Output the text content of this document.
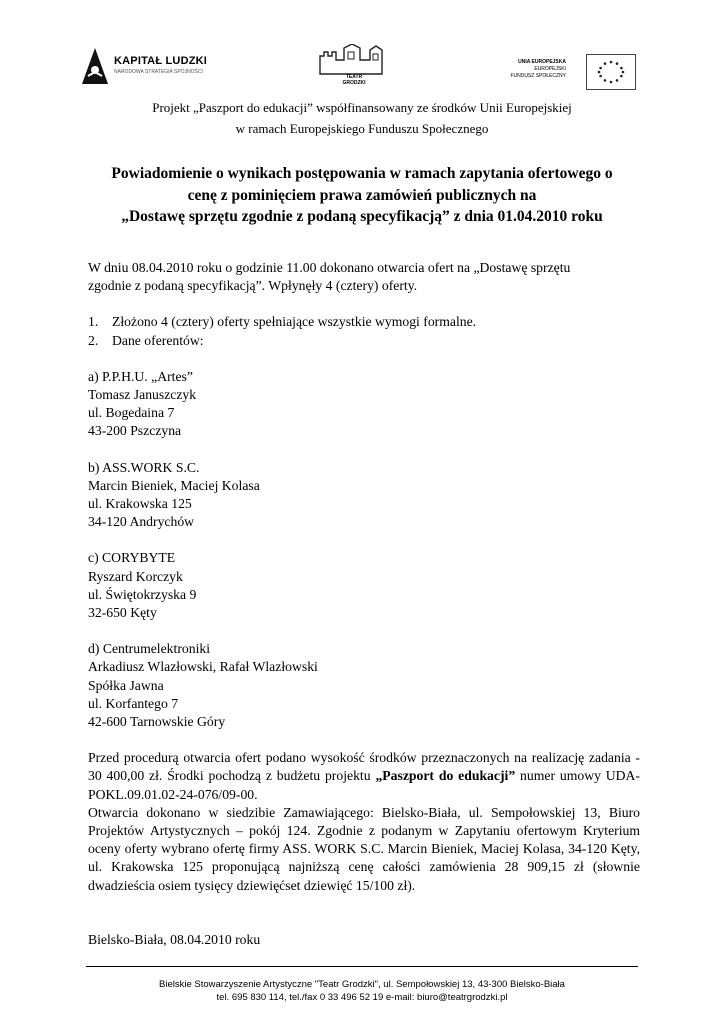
KAPITAŁ LUDZKI
NARODOWA STRATEGIA SPÓJNOŚCI
TEATR
GRODZKI
UNIA EUROPEJSKA
EUROPEJSKI
FUNDUSZ SPOŁECZNY
Projekt „Paszport do edukacji” współfinansowany ze środków Unii Europejskiej
w ramach Europejskiego Funduszu Społecznego
Powiadomienie o wynikach postępowania w ramach zapytania ofertowego o
cenę z pominięciem prawa zamówień publicznych na
„Dostawę sprzętu zgodnie z podaną specyfikacją” z dnia 01.04.2010 roku

W dniu 08.04.2010 roku o godzinie 11.00 dokonano otwarcia ofert na „Dostawę sprzętu

zgodnie z podaną specyfikacją”. Wpłynęły 4 (cztery) oferty.

1.	Złożono 4 (cztery) oferty spełniające wszystkie wymogi formalne.
2.	Dane oferentów:

a) P.P.H.U. „Artes”

Tomasz Januszczyk

ul. Bogedaina 7

43-200 Pszczyna

b) ASS.WORK S.C.

Marcin Bieniek, Maciej Kolasa

ul. Krakowska 125

34-120 Andrychów

c) CORYBYTE

Ryszard Korczyk

ul. Świętokrzyska 9

32-650 Kęty

d) Centrumelektroniki

Arkadiusz Wlazłowski, Rafał Wlazłowski

Spółka Jawna

ul. Korfantego 7

42-600 Tarnowskie Góry

Przed procedurą otwarcia ofert podano wysokość środków przeznaczonych na realizację zadania - 30 400,00 zł. Środki pochodzą z budżetu projektu „Paszport do edukacji” numer umowy UDA-POKL.09.01.02-24-076/09-00.

Otwarcia dokonano w siedzibie Zamawiającego: Bielsko-Biała, ul. Sempołowskiej 13, Biuro Projektów Artystycznych – pokój 124. Zgodnie z podanym w Zapytaniu ofertowym Kryterium oceny oferty wybrano ofertę firmy ASS. WORK S.C. Marcin Bieniek, Maciej Kolasa, 34-120 Kęty, ul. Krakowska 125 proponującą najniższą cenę całości zamówienia 28 909,15 zł (słownie dwadzieścia osiem tysięcy dziewięćset dziewięć 15/100 zł).

Bielsko-Biała, 08.04.2010 roku

Bielskie Stowarzyszenie Artystyczne "Teatr Grodzki", ul. Sempołowskiej 13, 43-300 Bielsko-Biała
tel. 695 830 114, tel./fax 0 33 496 52 19 e-mail: biuro@teatrgrodzki.pl
